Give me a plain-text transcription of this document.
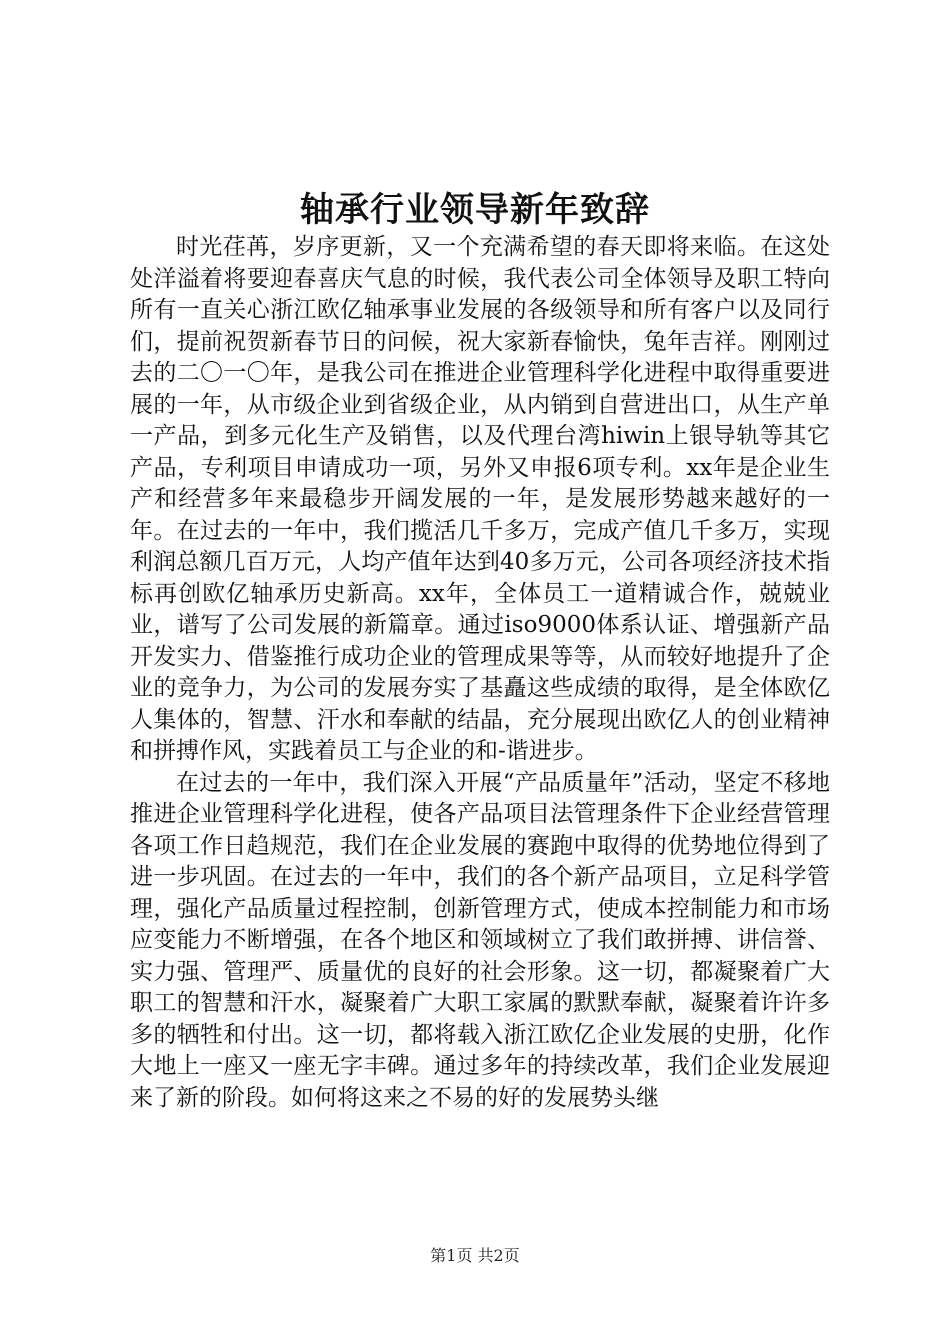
轴承行业领导新年致辞

时光荏苒，岁序更新，又一个充满希望的春天即将来临。在这处处洋溢着将要迎春喜庆气息的时候，我代表公司全体领导及职工特向所有一直关心浙江欧亿轴承事业发展的各级领导和所有客户以及同行们，提前祝贺新春节日的问候，祝大家新春愉快，兔年吉祥。刚刚过去的二〇一〇年，是我公司在推进企业管理科学化进程中取得重要进展的一年，从市级企业到省级企业，从内销到自营进出口，从生产单一产品，到多元化生产及销售，以及代理台湾hiwin上银导轨等其它产品，专利项目申请成功一项，另外又申报6项专利。xx年是企业生产和经营多年来最稳步开阔发展的一年，是发展形势越来越好的一年。在过去的一年中，我们揽活几千多万，完成产值几千多万，实现利润总额几百万元，人均产值年达到40多万元，公司各项经济技术指标再创欧亿轴承历史新高。xx年，全体员工一道精诚合作，兢兢业业，谱写了公司发展的新篇章。通过iso9000体系认证、增强新产品开发实力、借鉴推行成功企业的管理成果等等，从而较好地提升了企业的竞争力，为公司的发展夯实了基矗这些成绩的取得，是全体欧亿人集体的，智慧、汗水和奉献的结晶，充分展现出欧亿人的创业精神和拼搏作风，实践着员工与企业的和-谐进步。

在过去的一年中，我们深入开展“产品质量年”活动，坚定不移地推进企业管理科学化进程，使各产品项目法管理条件下企业经营管理各项工作日趋规范，我们在企业发展的赛跑中取得的优势地位得到了进一步巩固。在过去的一年中，我们的各个新产品项目，立足科学管理，强化产品质量过程控制，创新管理方式，使成本控制能力和市场应变能力不断增强，在各个地区和领域树立了我们敢拼搏、讲信誉、实力强、管理严、质量优的良好的社会形象。这一切，都凝聚着广大职工的智慧和汗水，凝聚着广大职工家属的默默奉献，凝聚着许许多多的牺牲和付出。这一切，都将载入浙江欧亿企业发展的史册，化作大地上一座又一座无字丰碑。通过多年的持续改革，我们企业发展迎来了新的阶段。如何将这来之不易的好的发展势头继

第1页 共2页
